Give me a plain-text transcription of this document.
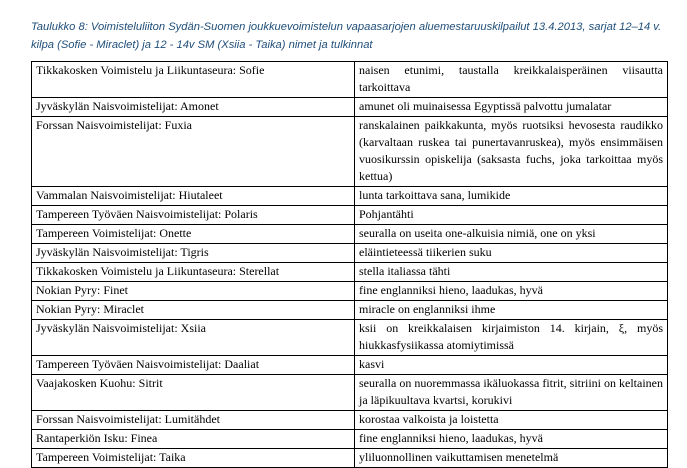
Taulukko 8: Voimisteluliiton Sydän-Suomen joukkuevoimistelun vapaasarjojen aluemestaruuskilpailut 13.4.2013, sarjat 12–14 v. kilpa (Sofie - Miraclet) ja 12 - 14v SM (Xsiia - Taika) nimet ja tulkinnat
Tikkakosken Voimistelu ja Liikuntaseura: Sofie	naisen etunimi, taustalla kreikkalaisperäinen viisautta tarkoittava
Jyväskylän Naisvoimistelijat: Amonet	amunet oli muinaisessa Egyptissä palvottu jumalatar
Forssan Naisvoimistelijat: Fuxia	ranskalainen paikkakunta, myös ruotsiksi hevosesta raudikko (karvaltaan ruskea tai punertavanruskea), myös ensimmäisen vuosikurssin opiskelija (saksasta fuchs, joka tarkoittaa myös kettua)
Vammalan Naisvoimistelijat: Hiutaleet	lunta tarkoittava sana, lumikide
Tampereen Työväen Naisvoimistelijat: Polaris	Pohjantähti
Tampereen Voimistelijat: Onette	seuralla on useita one-alkuisia nimiä, one on yksi
Jyväskylän Naisvoimistelijat: Tigris	eläintieteessä tiikerien suku
Tikkakosken Voimistelu ja Liikuntaseura: Sterellat	stella italiassa tähti
Nokian Pyry: Finet	fine englanniksi hieno, laadukas, hyvä
Nokian Pyry: Miraclet	miracle on englanniksi ihme
Jyväskylän Naisvoimistelijat: Xsiia	ksii on kreikkalaisen kirjaimiston 14. kirjain, ξ, myös hiukkasfysiikassa atomiytimissä
Tampereen Työväen Naisvoimistelijat: Daaliat	kasvi
Vaajakosken Kuohu: Sitrit	seuralla on nuoremmassa ikäluokassa fitrit, sitriini on keltainen ja läpikuultava kvartsi, korukivi
Forssan Naisvoimistelijat: Lumitähdet	korostaa valkoista ja loistetta
Rantaperkiön Isku: Finea	fine englanniksi hieno, laadukas, hyvä
Tampereen Voimistelijat: Taika	yliluonnollinen vaikuttamisen menetelmä
